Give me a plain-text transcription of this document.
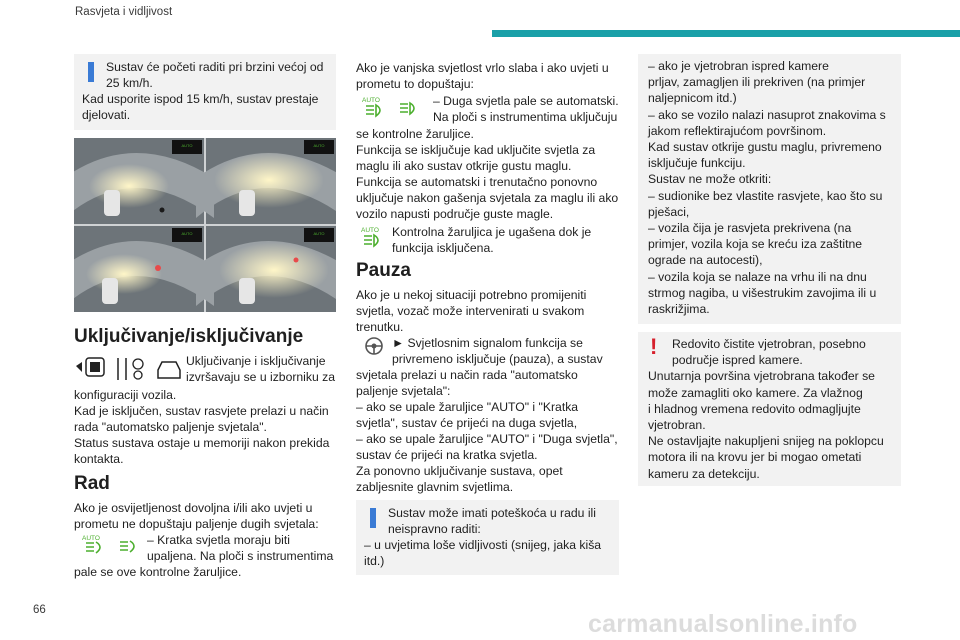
Rasvjeta i vidljivost

Sustav će početi raditi pri brzini većoj od

25 km/h.

Kad usporite ispod 15 km/h, sustav prestaje

djelovati.

AUTO	AUTO
AUTO	AUTO
Uključivanje/isključivanje

Uključivanje i isključivanje

izvršavaju se u izborniku za

konfiguraciji vozila.

Kad je isključen, sustav rasvjete prelazi u način

rada "automatsko paljenje svjetala".

Status sustava ostaje u memoriji nakon prekida

kontakta.

Rad

Ako je osvijetljenost dovoljna i/ili ako uvjeti u

prometu ne dopuštaju paljenje dugih svjetala:

AUTO	– Kratka svjetla moraju biti

upaljena. Na ploči s instrumentima

pale se ove kontrolne žaruljice.

Ako je vanjska svjetlost vrlo slaba i ako uvjeti u

prometu to dopuštaju:

AUTO	– Duga svjetla pale se automatski.

Na ploči s instrumentima uključuju

se kontrolne žaruljice.

Funkcija se isključuje kad uključite svjetla za

maglu ili ako sustav otkrije gustu maglu.

Funkcija se automatski i trenutačno ponovno

uključuje nakon gašenja svjetala za maglu ili ako

vozilo napusti područje guste magle.

AUTO Kontrolna žaruljica je ugašena dok je

funkcija isključena.

Pauza

Ako je u nekoj situaciji potrebno promijeniti

svjetla, vozač može intervenirati u svakom

trenutku.

► Svjetlosnim signalom funkcija se

privremeno isključuje (pauza), a sustav

svjetala prelazi u način rada "automatsko

paljenje svjetala":

– ako se upale žaruljice "AUTO" i "Kratka

svjetla", sustav će prijeći na duga svjetla,

– ako se upale žaruljice "AUTO" i "Duga svjetla",

sustav će prijeći na kratka svjetla.

Za ponovno uključivanje sustava, opet

zabljesnite glavnim svjetlima.

Sustav može imati poteškoća u radu ili

neispravno raditi:

– u uvjetima loše vidljivosti (snijeg, jaka kiša

itd.)

– ako je vjetrobran ispred kamere

prljav, zamagljen ili prekriven (na primjer

naljepnicom itd.)

– ako se vozilo nalazi nasuprot znakovima s

jakom reflektirajućom površinom.

Kad sustav otkrije gustu maglu, privremeno

isključuje funkciju.

Sustav ne može otkriti:

– sudionike bez vlastite rasvjete, kao što su

pješaci,

– vozila čija je rasvjeta prekrivena (na

primjer, vozila koja se kreću iza zaštitne

ograde na autocesti),

– vozila koja se nalaze na vrhu ili na dnu

strmog nagiba, u višestrukim zavojima ili u

raskrižjima.

! Redovito čistite vjetrobran, posebno

područje ispred kamere.

Unutarnja površina vjetrobrana također se

može zamagliti oko kamere. Za vlažnog

i hladnog vremena redovito odmagljujte

vjetrobran.

Ne ostavljajte nakupljeni snijeg na poklopcu

motora ili na krovu jer bi mogao ometati

kameru za detekciju.

66	carmanualsonline.info
